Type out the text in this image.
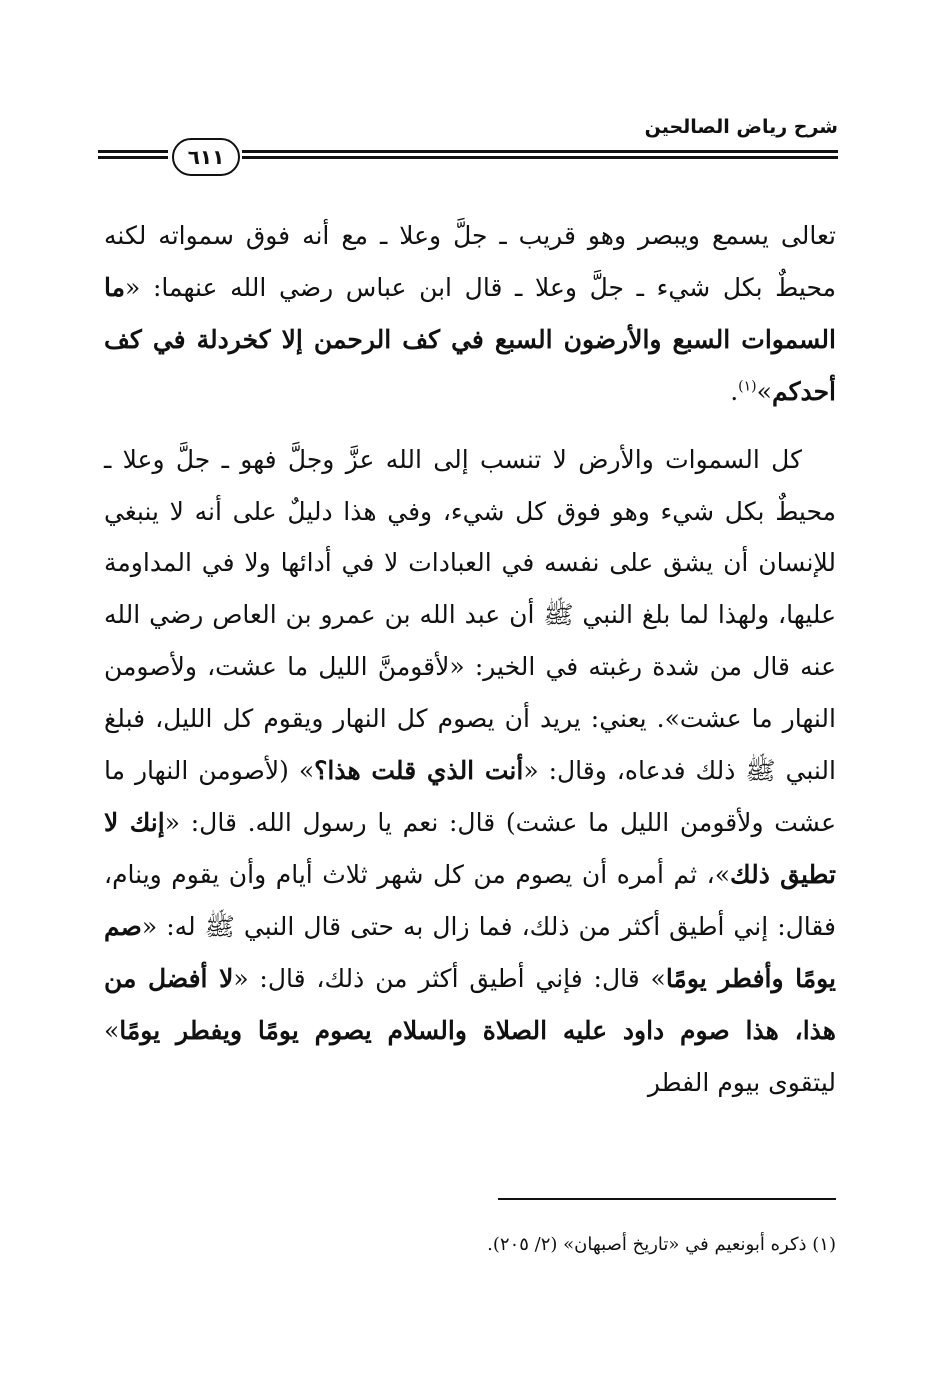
شرح رياض الصالحين
٦١١

تعالى يسمع ويبصر وهو قريب ـ جلَّ وعلا ـ مع أنه فوق سمواته لكنه محيطٌ بكل شيء ـ جلَّ وعلا ـ قال ابن عباس رضي الله عنهما: «ما السموات السبع والأرضون السبع في كف الرحمن إلا كخردلة في كف أحدكم»$^{(١)}$.

كل السموات والأرض لا تنسب إلى الله عزَّ وجلَّ فهو ـ جلَّ وعلا ـ محيطٌ بكل شيء وهو فوق كل شيء، وفي هذا دليلٌ على أنه لا ينبغي للإنسان أن يشق على نفسه في العبادات لا في أدائها ولا في المداومة عليها، ولهذا لما بلغ النبي ﷺ أن عبد الله بن عمرو بن العاص رضي الله عنه قال من شدة رغبته في الخير: «لأقومنَّ الليل ما عشت، ولأصومن النهار ما عشت». يعني: يريد أن يصوم كل النهار ويقوم كل الليل، فبلغ النبي ﷺ ذلك فدعاه، وقال: «أنت الذي قلت هذا؟» (لأصومن النهار ما عشت ولأقومن الليل ما عشت) قال: نعم يا رسول الله. قال: «إنك لا تطيق ذلك»، ثم أمره أن يصوم من كل شهر ثلاث أيام وأن يقوم وينام، فقال: إني أطيق أكثر من ذلك، فما زال به حتى قال النبي ﷺ له: «صم يومًا وأفطر يومًا» قال: فإني أطيق أكثر من ذلك، قال: «لا أفضل من هذا، هذا صوم داود عليه الصلاة والسلام يصوم يومًا ويفطر يومًا» ليتقوى بيوم الفطر

(١) ذكره أبونعيم في «تاريخ أصبهان» (٢/ ٢٠٥).
